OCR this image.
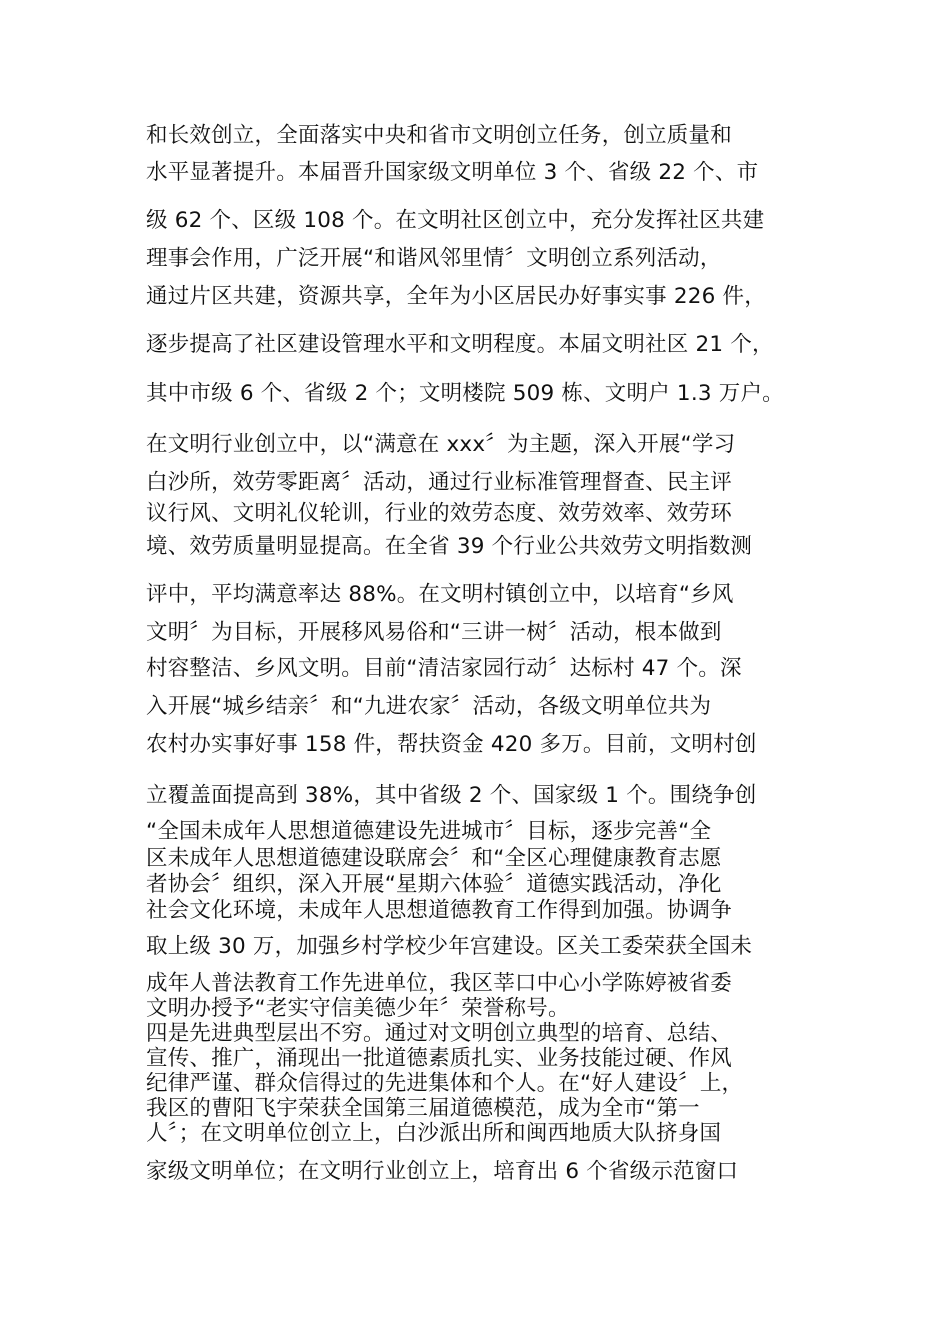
和长效创立，全面落实中央和省市文明创立任务，创立质量和
水平显著提升。本届晋升国家级文明单位 3 个、省级 22 个、市
级 62 个、区级 108 个。在文明社区创立中，充分发挥社区共建
理事会作用，广泛开展“和谐风邻里情〞文明创立系列活动，
通过片区共建，资源共享，全年为小区居民办好事实事 226 件，
逐步提高了社区建设管理水平和文明程度。本届文明社区 21 个，
其中市级 6 个、省级 2 个；文明楼院 509 栋、文明户 1.3 万户。
在文明行业创立中，以“满意在 xxx〞为主题，深入开展“学习
白沙所，效劳零距离〞活动，通过行业标准管理督查、民主评
议行风、文明礼仪轮训，行业的效劳态度、效劳效率、效劳环
境、效劳质量明显提高。在全省 39 个行业公共效劳文明指数测
评中，平均满意率达 88%。在文明村镇创立中，以培育“乡风
文明〞为目标，开展移风易俗和“三讲一树〞活动，根本做到
村容整洁、乡风文明。目前“清洁家园行动〞达标村 47 个。深
入开展“城乡结亲〞和“九进农家〞活动，各级文明单位共为
农村办实事好事 158 件，帮扶资金 420 多万。目前，文明村创
立覆盖面提高到 38%，其中省级 2 个、国家级 1 个。围绕争创
“全国未成年人思想道德建设先进城市〞目标，逐步完善“全
区未成年人思想道德建设联席会〞和“全区心理健康教育志愿
者协会〞组织，深入开展“星期六体验〞道德实践活动，净化
社会文化环境，未成年人思想道德教育工作得到加强。协调争
取上级 30 万，加强乡村学校少年宫建设。区关工委荣获全国未
成年人普法教育工作先进单位，我区莘口中心小学陈婷被省委
文明办授予“老实守信美德少年〞荣誉称号。
四是先进典型层出不穷。通过对文明创立典型的培育、总结、
宣传、推广，涌现出一批道德素质扎实、业务技能过硬、作风
纪律严谨、群众信得过的先进集体和个人。在“好人建设〞上，
我区的曹阳飞宇荣获全国第三届道德模范，成为全市“第一
人〞；在文明单位创立上，白沙派出所和闽西地质大队挤身国
家级文明单位；在文明行业创立上，培育出 6 个省级示范窗口
